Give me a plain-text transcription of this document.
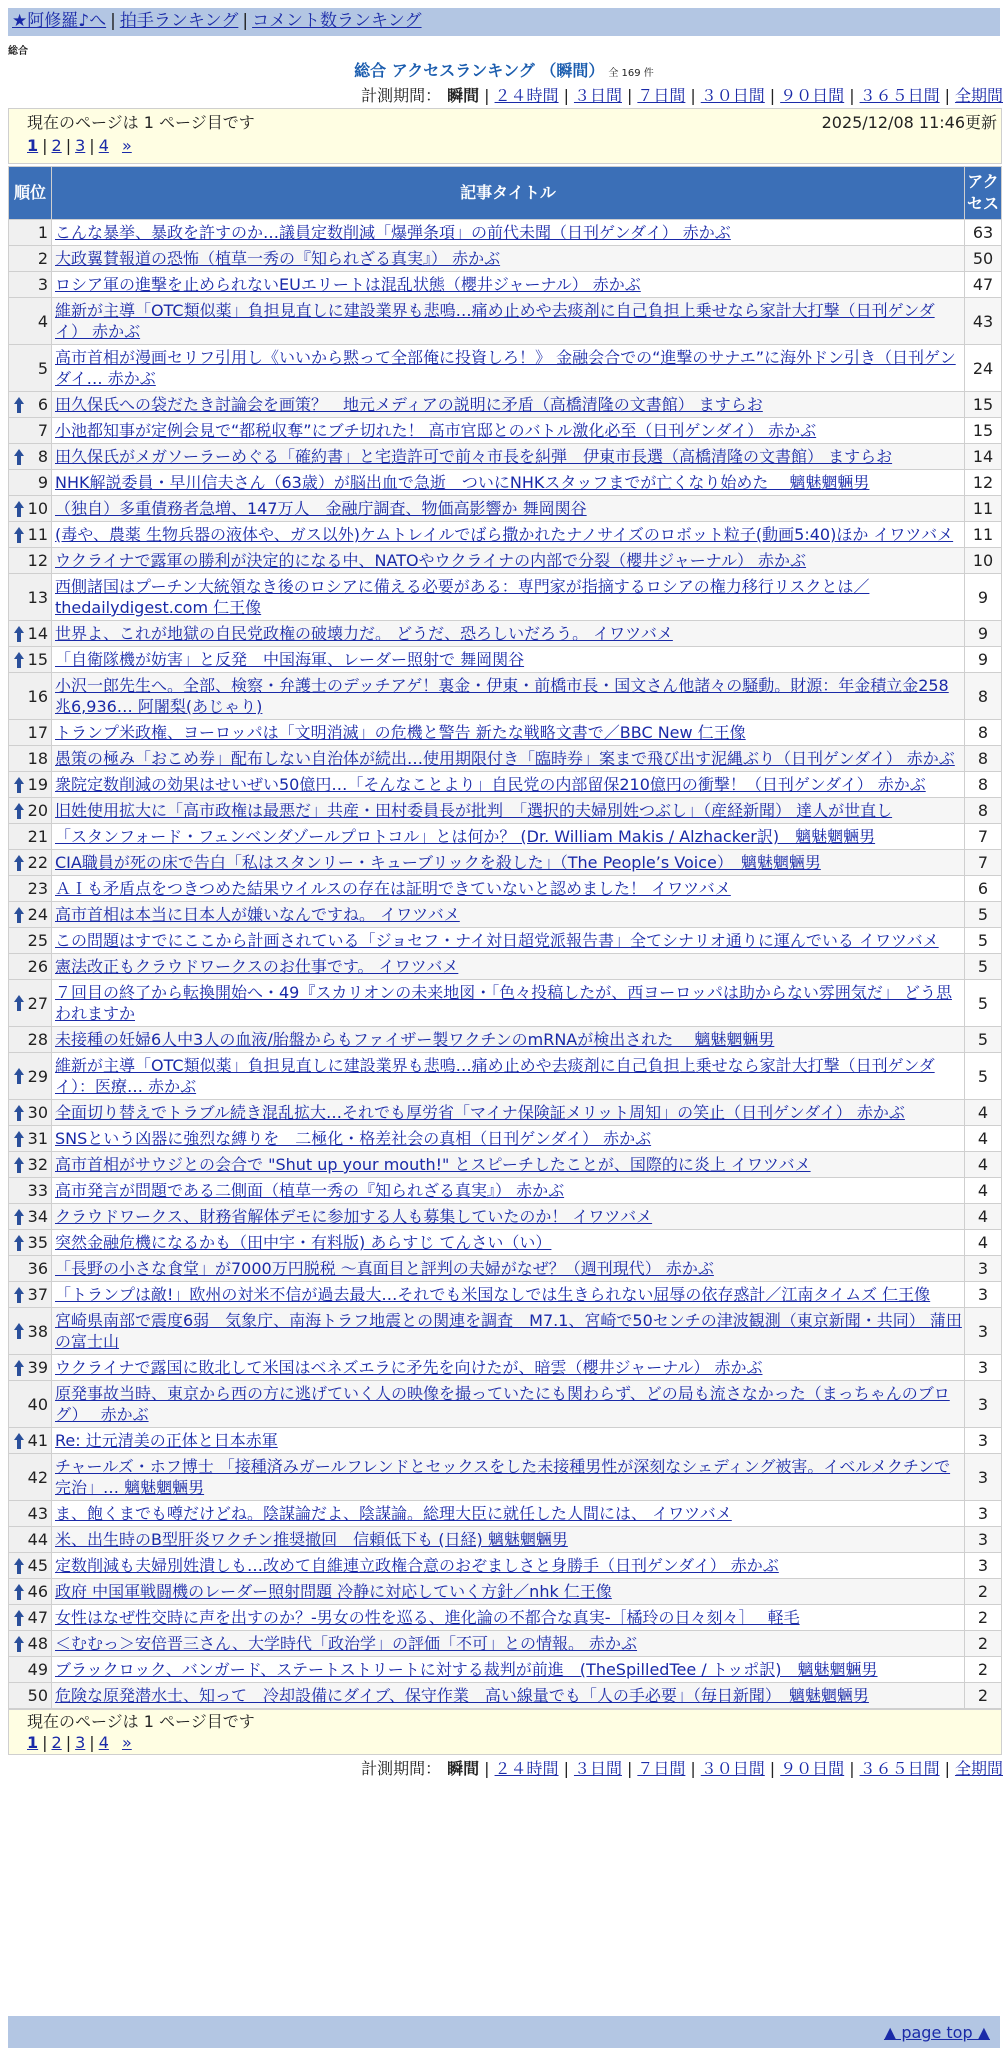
★阿修羅♪へ | 拍手ランキング | コメント数ランキング
総合
総合 アクセスランキング （瞬間） 全 169 件
計測期間： 瞬間 | ２４時間 | ３日間 | ７日間 | ３０日間 | ９０日間 | ３６５日間 | 全期間
現在のページは 1 ページ目です	2025/12/08 11:46更新
1 | 2 | 3 | 4 »
順位	記事タイトル	アクセス
1	こんな暴挙、暴政を許すのか…議員定数削減「爆弾条項」の前代未聞（日刊ゲンダイ） 赤かぶ	63
2	大政翼賛報道の恐怖（植草一秀の『知られざる真実』） 赤かぶ	50
3	ロシア軍の進撃を止められないEUエリートは混乱状態（櫻井ジャーナル） 赤かぶ	47
4	維新が主導「OTC類似薬」負担見直しに建設業界も悲鳴…痛め止めや去痰剤に自己負担上乗せなら家計大打撃（日刊ゲンダイ） 赤かぶ	43
5	高市首相が漫画セリフ引用し《いいから黙って全部俺に投資しろ！》 金融会合での“進撃のサナエ”に海外ドン引き（日刊ゲンダイ… 赤かぶ	24

6	田久保氏への袋だたき討論会を画策？　地元メディアの説明に矛盾（高橋清隆の文書館） ますらお	15
7	小池都知事が定例会見で“都税収奪”にブチ切れた！ 高市官邸とのバトル激化必至（日刊ゲンダイ） 赤かぶ	15

8	田久保氏がメガソーラーめぐる「確約書」と宅造許可で前々市長を糾弾　伊東市長選（高橋清隆の文書館） ますらお	14
9	NHK解説委員・早川信夫さん（63歳）が脳出血で急逝　ついにNHKスタッフまでが亡くなり始めた　 魑魅魍魎男	12

10	（独自）多重債務者急増、147万人　金融庁調査、物価高影響か 舞岡関谷	11

11	(毒や、農薬 生物兵器の液体や、ガス以外)ケムトレイルでばら撒かれたナノサイズのロボット粒子(動画5:40)ほか イワツバメ	11
12	ウクライナで露軍の勝利が決定的になる中、NATOやウクライナの内部で分裂（櫻井ジャーナル） 赤かぶ	10
13	西側諸国はプーチン大統領なき後のロシアに備える必要がある：専門家が指摘するロシアの権力移行リスクとは／thedailydigest.com 仁王像	9

14	世界よ、これが地獄の自民党政権の破壊力だ。 どうだ、恐ろしいだろう。 イワツバメ	9

15	「自衛隊機が妨害」と反発　中国海軍、レーダー照射で 舞岡関谷	9
16	小沢一郎先生へ。全部、検察・弁護士のデッチアゲ！裏金・伊東・前橋市長・国文さん他諸々の騒動。財源：年金積立金258兆6,936… 阿闍梨(あじゃり)	8
17	トランプ米政権、ヨーロッパは「文明消滅」の危機と警告 新たな戦略文書で／BBC New 仁王像	8
18	愚策の極み「おこめ券」配布しない自治体が続出…使用期限付き「臨時券」案まで飛び出す泥縄ぶり（日刊ゲンダイ） 赤かぶ	8

19	衆院定数削減の効果はせいぜい50億円…「そんなことより」自民党の内部留保210億円の衝撃！（日刊ゲンダイ） 赤かぶ	8

20	旧姓使用拡大に「高市政権は最悪だ」共産・田村委員長が批判　「選択的夫婦別姓つぶし」（産経新聞） 達人が世直し	8
21	「スタンフォード・フェンベンダゾールプロトコル」とは何か？ (Dr. William Makis / Alzhacker訳)　魑魅魍魎男	7

22	CIA職員が死の床で告白「私はスタンリー・キューブリックを殺した」（The People’s Voice）　魑魅魍魎男	7
23	ＡＩも矛盾点をつきつめた結果ウイルスの存在は証明できていないと認めました！ イワツバメ	6

24	高市首相は本当に日本人が嫌いなんですね。 イワツバメ	5
25	この問題はすでにここから計画されている「ジョセフ・ナイ対日超党派報告書」全てシナリオ通りに運んでいる イワツバメ	5
26	憲法改正もクラウドワークスのお仕事です。 イワツバメ	5

27	７回目の終了から転換開始へ・49『スカリオンの未来地図・「色々投稿したが、西ヨーロッパは助からない雰囲気だ」 どう思われますか	5
28	未接種の妊婦6人中3人の血液/胎盤からもファイザー製ワクチンのmRNAが検出された　 魑魅魍魎男	5

29	維新が主導「OTC類似薬」負担見直しに建設業界も悲鳴…痛め止めや去痰剤に自己負担上乗せなら家計大打撃（日刊ゲンダイ）：医療… 赤かぶ	5

30	全面切り替えでトラブル続き混乱拡大…それでも厚労省「マイナ保険証メリット周知」の笑止（日刊ゲンダイ） 赤かぶ	4

31	SNSという凶器に強烈な縛りを　二極化・格差社会の真相（日刊ゲンダイ） 赤かぶ	4

32	高市首相がサウジとの会合で "Shut up your mouth!" とスピーチしたことが、国際的に炎上 イワツバメ	4
33	高市発言が問題である二側面（植草一秀の『知られざる真実』） 赤かぶ	4

34	クラウドワークス、財務省解体デモに参加する人も募集していたのか！ イワツバメ	4

35	突然金融危機になるかも（田中宇・有料版) あらすじ てんさい（い）	4
36	「長野の小さな食堂」が7000万円脱税 ～真面目と評判の夫婦がなぜ？（週刊現代） 赤かぶ	3

37	「トランプは敵!」欧州の対米不信が過去最大…それでも米国なしでは生きられない屈辱の依存惑計／江南タイムズ 仁王像	3

38	宮崎県南部で震度6弱　気象庁、南海トラフ地震との関連を調査　M7.1、宮崎で50センチの津波観測（東京新聞・共同） 蒲田の富士山	3

39	ウクライナで露国に敗北して米国はベネズエラに矛先を向けたが、暗雲（櫻井ジャーナル） 赤かぶ	3
40	原発事故当時、東京から西の方に逃げていく人の映像を撮っていたにも関わらず、どの局も流さなかった（まっちゃんのブログ）　 赤かぶ	3

41	Re: 辻元清美の正体と日本赤軍	3
42	チャールズ・ホフ博士 「接種済みガールフレンドとセックスをした未接種男性が深刻なシェディング被害。イベルメクチンで完治」… 魑魅魍魎男	3
43	ま、飽くまでも噂だけどね。陰謀論だよ、陰謀論。総理大臣に就任した人間には、 イワツバメ	3
44	米、出生時のB型肝炎ワクチン推奨撤回　信頼低下も (日経) 魑魅魍魎男	3

45	定数削減も夫婦別姓潰しも…改めて自維連立政権合意のおぞましさと身勝手（日刊ゲンダイ） 赤かぶ	3

46	政府 中国軍戦闘機のレーダー照射問題 冷静に対応していく方針／nhk 仁王像	2

47	女性はなぜ性交時に声を出すのか？-男女の性を巡る、進化論の不都合な真実-［橘玲の日々刻々］　 軽毛	2

48	＜むむっ＞安倍晋三さん、大学時代「政治学」の評価「不可」との情報。 赤かぶ	2
49	ブラックロック、バンガード、ステートストリートに対する裁判が前進　(TheSpilledTee / トッポ訳)　魑魅魍魎男	2
50	危険な原発潜水士、知って　冷却設備にダイブ、保守作業　高い線量でも「人の手必要」（毎日新聞）　魑魅魍魎男	2
現在のページは 1 ページ目です
1 | 2 | 3 | 4 »
計測期間： 瞬間 | ２４時間 | ３日間 | ７日間 | ３０日間 | ９０日間 | ３６５日間 | 全期間
▲ page top ▲
